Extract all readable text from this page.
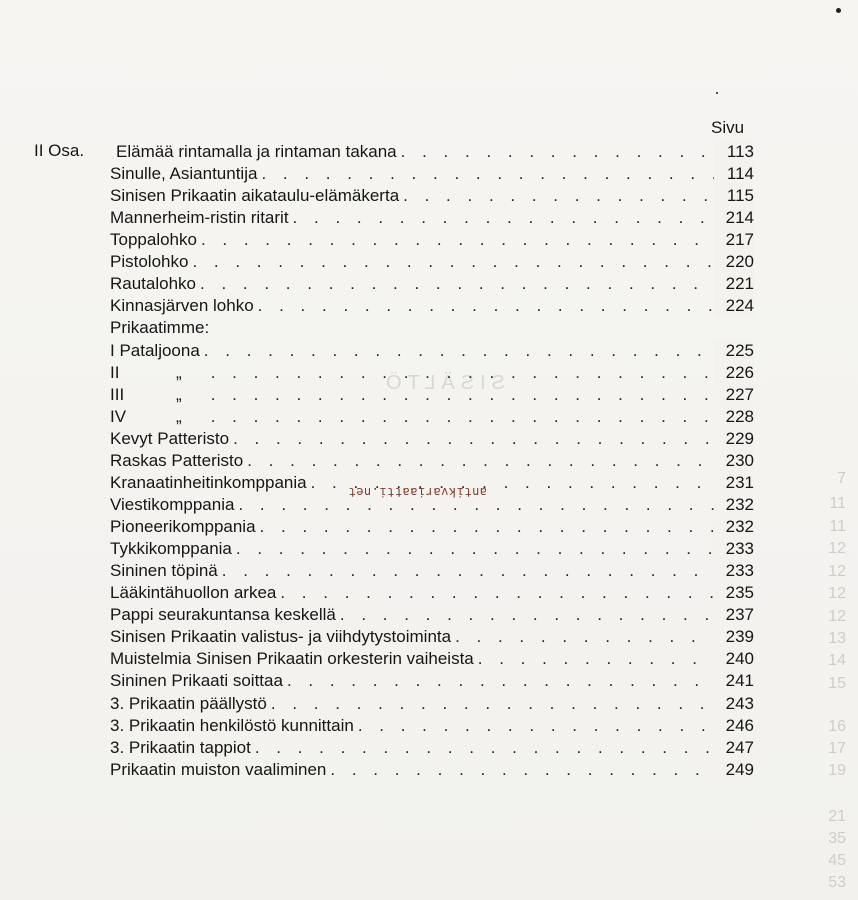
SISÄLTÖ
7
11
11
12
12
12
12
13
14
15
16
17
19
21
35
45
53
Sivu
II Osa. Elämää rintamalla ja rintaman takana . . .	113
Sinulle, Asiantuntija . . .	114
Sinisen Prikaatin aikataulu-elämäkerta . . .	115
Mannerheim-ristin ritarit . . .	214
Toppalohko . . .	217
Pistolohko . . .	220
Rautalohko . . .	221
Kinnasjärven lohko . . .	224
Prikaatimme:
I Pataljoona . . .	225
II	„ . . .	226
III	„ . . .	227
IV	„ . . .	228
Kevyt Patteristo . . .	229
Raskas Patteristo . . .	230
Kranaatinheitinkomppania . . .	231
Viestikomppania . . .	232
Pioneerikomppania . . .	232
Tykkikomppania . . .	233
Sininen töpinä . . .	233
Lääkintähuollon arkea . . .	235
Pappi seurakuntansa keskellä . . .	237
Sinisen Prikaatin valistus- ja viihdytystoiminta . . .	239
Muistelmia Sinisen Prikaatin orkesterin vaiheista . . .	240
Sininen Prikaati soittaa . . .	241
3. Prikaatin päällystö . . .	243
3. Prikaatin henkilöstö kunnittain . . .	246
3. Prikaatin tappiot . . .	247
Prikaatin muiston vaaliminen . . .	249
antikvariaatti.net
